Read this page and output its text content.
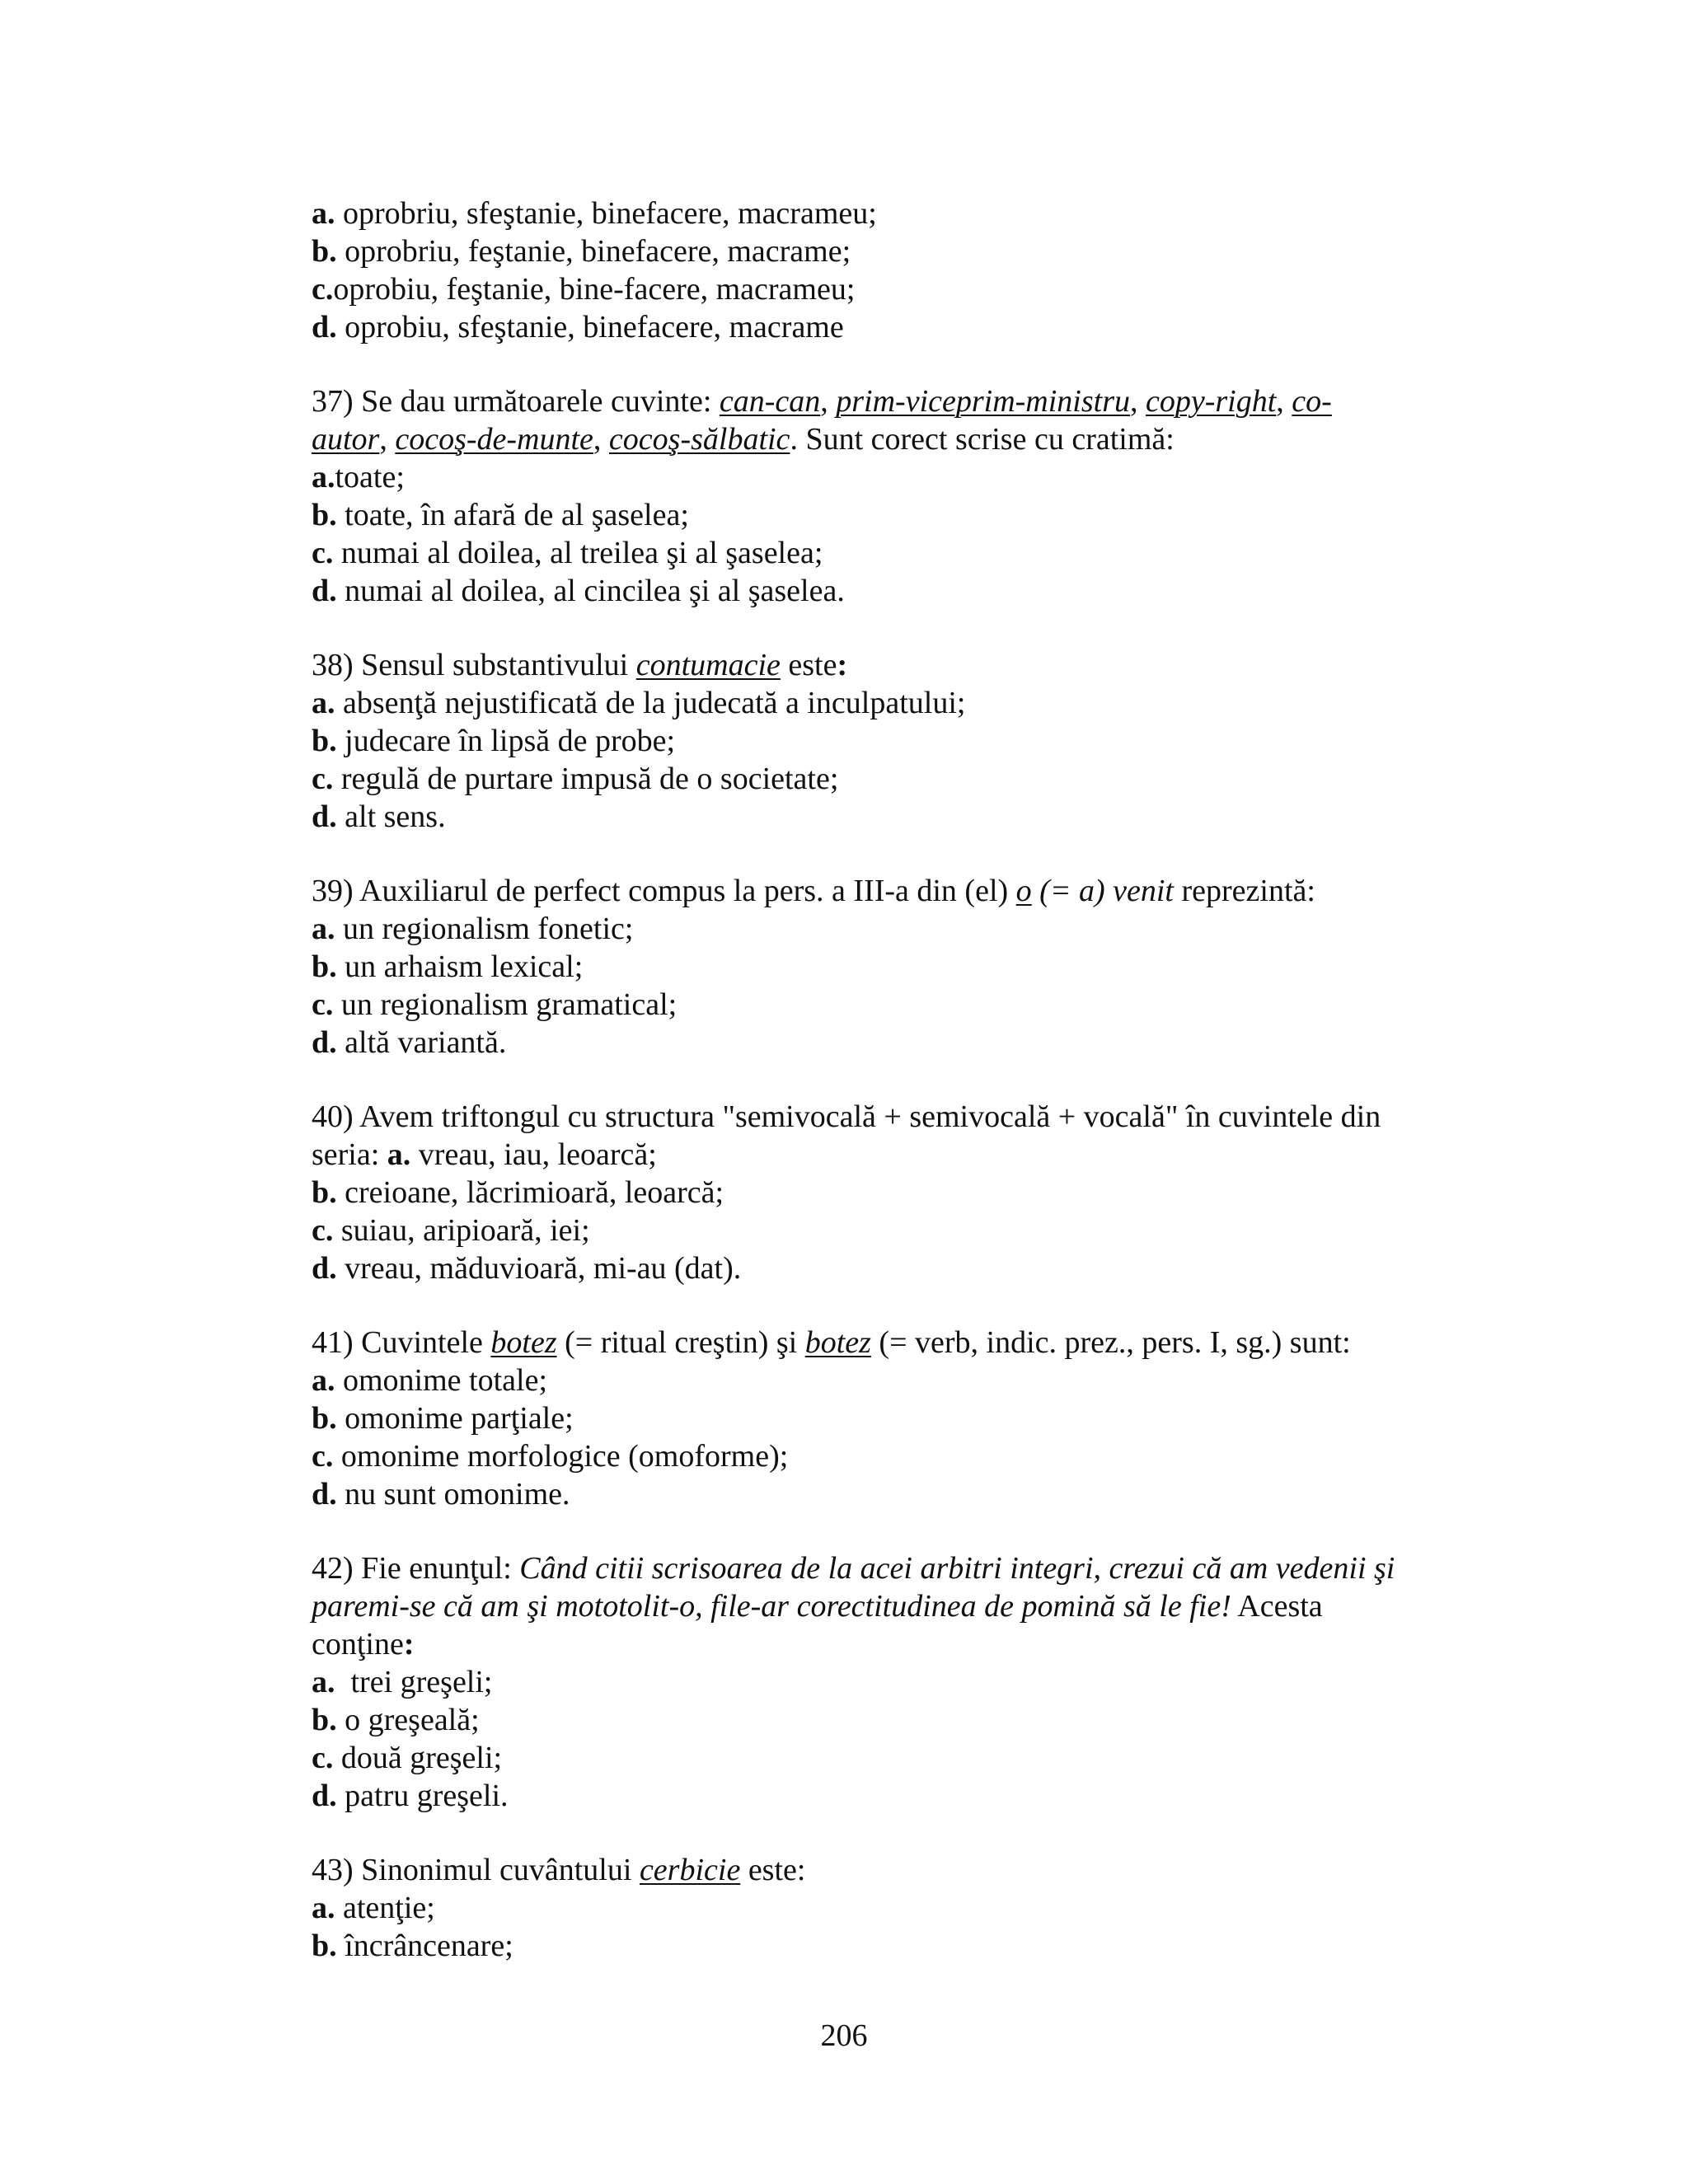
a. oprobriu, sfeştanie, binefacere, macrameu;
b. oprobriu, feştanie, binefacere, macrame;
c.oprobiu, feştanie, bine-facere, macrameu;
d. oprobiu, sfeştanie, binefacere, macrame
37) Se dau următoarele cuvinte: can-can, prim-viceprim-ministru, copy-right, co-
autor, cocoş-de-munte, cocoş-sălbatic. Sunt corect scrise cu cratimă:
a.toate;
b. toate, în afară de al şaselea;
c. numai al doilea, al treilea şi al şaselea;
d. numai al doilea, al cincilea şi al şaselea.
38) Sensul substantivului contumacie este:
a. absenţă nejustificată de la judecată a inculpatului;
b. judecare în lipsă de probe;
c. regulă de purtare impusă de o societate;
d. alt sens.
39) Auxiliarul de perfect compus la pers. a III-a din (el) o (= a) venit reprezintă:
a. un regionalism fonetic;
b. un arhaism lexical;
c. un regionalism gramatical;
d. altă variantă.
40) Avem triftongul cu structura "semivocală + semivocală + vocală" în cuvintele din
seria: a. vreau, iau, leoarcă;
b. creioane, lăcrimioară, leoarcă;
c. suiau, aripioară, iei;
d. vreau, măduvioară, mi-au (dat).
41) Cuvintele botez (= ritual creştin) şi botez (= verb, indic. prez., pers. I, sg.) sunt:
a. omonime totale;
b. omonime parţiale;
c. omonime morfologice (omoforme);
d. nu sunt omonime.
42) Fie enunţul: Când citii scrisoarea de la acei arbitri integri, crezui că am vedenii şi
paremi-se că am şi mototolit-o, file-ar corectitudinea de pomină să le fie! Acesta
conţine:
a.  trei greşeli;
b. o greşeală;
c. două greşeli;
d. patru greşeli.
43) Sinonimul cuvântului cerbicie este:
a. atenţie;
b. încrâncenare;
206
